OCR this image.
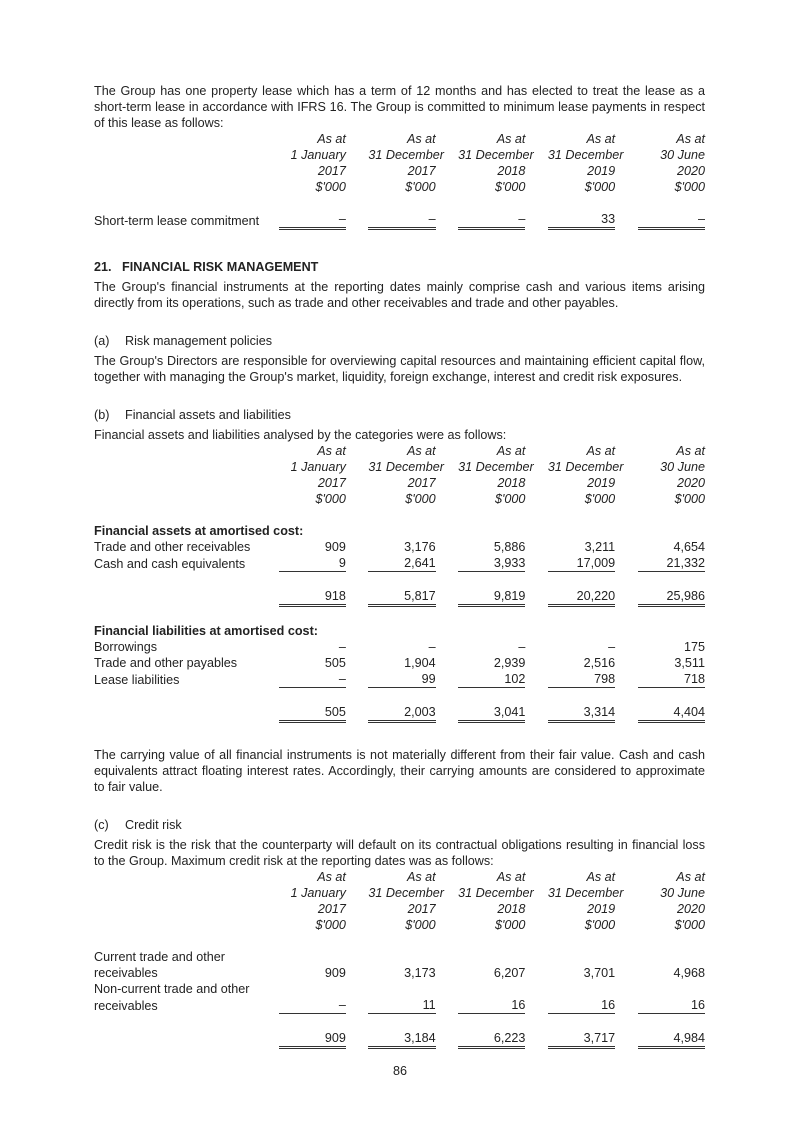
The Group has one property lease which has a term of 12 months and has elected to treat the lease as a short-term lease in accordance with IFRS 16. The Group is committed to minimum lease payments in respect of this lease as follows:

	As at		As at		As at		As at		As at
	1 January		31 December		31 December		31 December		30 June
	2017		2017		2018		2019		2020
	$'000		$'000		$'000		$'000		$'000

Short-term lease commitment	–		–		–		33		–

21.   FINANCIAL RISK MANAGEMENT

The Group's financial instruments at the reporting dates mainly comprise cash and various items arising directly from its operations, such as trade and other receivables and trade and other payables.

(a) Risk management policies

The Group's Directors are responsible for overviewing capital resources and maintaining efficient capital flow, together with managing the Group's market, liquidity, foreign exchange, interest and credit risk exposures.

(b) Financial assets and liabilities

Financial assets and liabilities analysed by the categories were as follows:

	As at		As at		As at		As at		As at
	1 January		31 December		31 December		31 December		30 June
	2017		2017		2018		2019		2020
	$'000		$'000		$'000		$'000		$'000

Financial assets at amortised cost:									
Trade and other receivables	909		3,176		5,886		3,211		4,654
Cash and cash equivalents	9		2,641		3,933		17,009		21,332

	918		5,817		9,819		20,220		25,986

Financial liabilities at amortised cost:									
Borrowings	–		–		–		–		175
Trade and other payables	505		1,904		2,939		2,516		3,511
Lease liabilities	–		99		102		798		718

	505		2,003		3,041		3,314		4,404

The carrying value of all financial instruments is not materially different from their fair value. Cash and cash equivalents attract floating interest rates. Accordingly, their carrying amounts are considered to approximate to fair value.

(c) Credit risk

Credit risk is the risk that the counterparty will default on its contractual obligations resulting in financial loss to the Group. Maximum credit risk at the reporting dates was as follows:

	As at		As at		As at		As at		As at
	1 January		31 December		31 December		31 December		30 June
	2017		2017		2018		2019		2020
	$'000		$'000		$'000		$'000		$'000

Current trade and other									
receivables	909		3,173		6,207		3,701		4,968
Non-current trade and other									
receivables	–		11		16		16		16

	909		3,184		6,223		3,717		4,984
86
